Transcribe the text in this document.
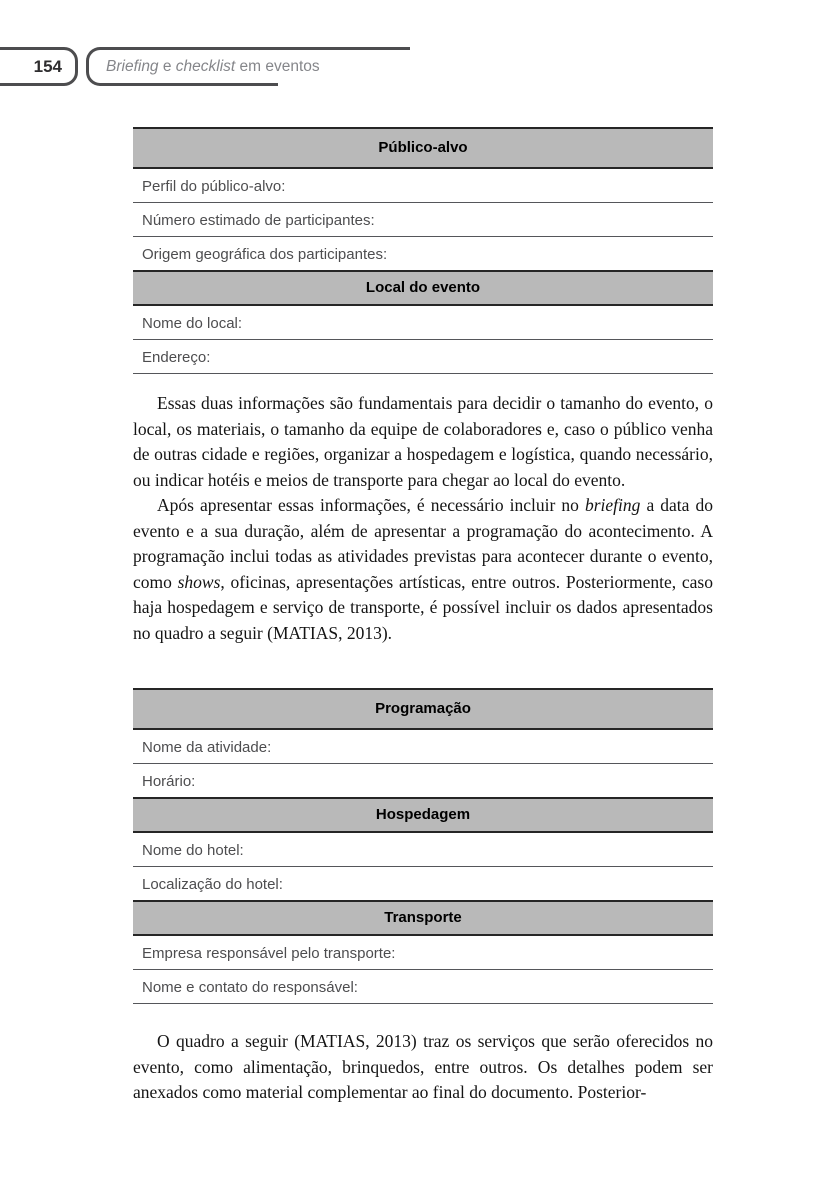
154	Briefing e checklist em eventos
Público-alvo
Perfil do público-alvo:
Número estimado de participantes:
Origem geográfica dos participantes:
Local do evento
Nome do local:
Endereço:

Essas duas informações são fundamentais para decidir o tamanho do evento, o local, os materiais, o tamanho da equipe de colaboradores e, caso o público venha de outras cidade e regiões, organizar a hospedagem e logística, quando necessário, ou indicar hotéis e meios de transporte para chegar ao local do evento.

Após apresentar essas informações, é necessário incluir no briefing a data do evento e a sua duração, além de apresentar a programação do acontecimento. A programação inclui todas as atividades previstas para acontecer durante o evento, como shows, oficinas, apresentações artísticas, entre outros. Posteriormente, caso haja hospedagem e serviço de transporte, é possível incluir os dados apresentados no quadro a seguir (MATIAS, 2013).

Programação
Nome da atividade:
Horário:
Hospedagem
Nome do hotel:
Localização do hotel:
Transporte
Empresa responsável pelo transporte:
Nome e contato do responsável:

O quadro a seguir (MATIAS, 2013) traz os serviços que serão oferecidos no evento, como alimentação, brinquedos, entre outros. Os detalhes podem ser anexados como material complementar ao final do documento. Posterior-
